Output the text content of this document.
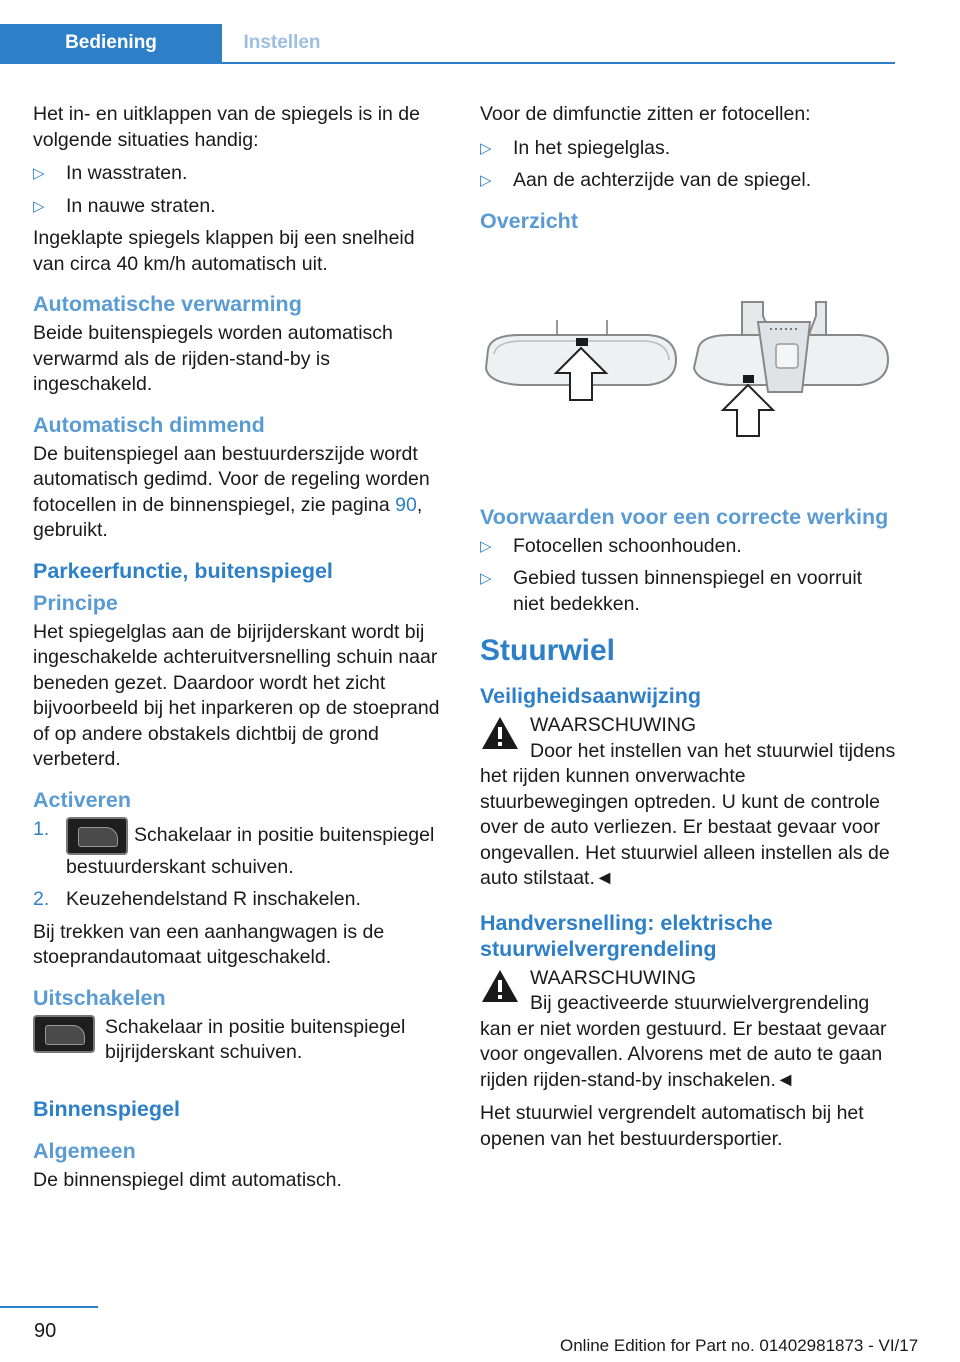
Bediening	Instellen

Het in- en uitklappen van de spiegels is in de volgende situaties handig:

▷ In wasstraten.
▷ In nauwe straten.

Ingeklapte spiegels klappen bij een snelheid van circa 40 km/h automatisch uit.

Automatische verwarming

Beide buitenspiegels worden automatisch verwarmd als de rijden-stand-by is ingeschakeld.

Automatisch dimmend

De buitenspiegel aan bestuurderszijde wordt automatisch gedimd. Voor de regeling worden fotocellen in de binnenspiegel, zie pagina 90, gebruikt.

Parkeerfunctie, buitenspiegel
Principe

Het spiegelglas aan de bijrijderskant wordt bij ingeschakelde achteruitversnelling schuin naar beneden gezet. Daardoor wordt het zicht bijvoorbeeld bij het inparkeren op de stoeprand of op andere obstakels dichtbij de grond verbeterd.

Activeren
1.	Schakelaar in positie buitenspiegel bestuurderskant schuiven.
2. Keuzehendelstand R inschakelen.

Bij trekken van een aanhangwagen is de stoeprandautomaat uitgeschakeld.

Uitschakelen
Schakelaar in positie buitenspiegel bijrijderskant schuiven.
Binnenspiegel
Algemeen

De binnenspiegel dimt automatisch.

Voor de dimfunctie zitten er fotocellen:

▷ In het spiegelglas.
▷ Aan de achterzijde van de spiegel.
Overzicht
Voorwaarden voor een correcte werking
▷ Fotocellen schoonhouden.
▷ Gebied tussen binnenspiegel en voorruit niet bedekken.
Stuurwiel
Veiligheidsaanwijzing
WAARSCHUWING

Door het instellen van het stuurwiel tijdens het rijden kunnen onverwachte stuurbewegingen optreden. U kunt de controle over de auto verliezen. Er bestaat gevaar voor ongevallen. Het stuurwiel alleen instellen als de auto stilstaat.◄

Handversnelling: elektrische stuurwielvergrendeling
WAARSCHUWING

Bij geactiveerde stuurwielvergrendeling kan er niet worden gestuurd. Er bestaat gevaar voor ongevallen. Alvorens met de auto te gaan rijden rijden-stand-by inschakelen.◄

Het stuurwiel vergrendelt automatisch bij het openen van het bestuurdersportier.

90
Online Edition for Part no. 01402981873 - VI/17
